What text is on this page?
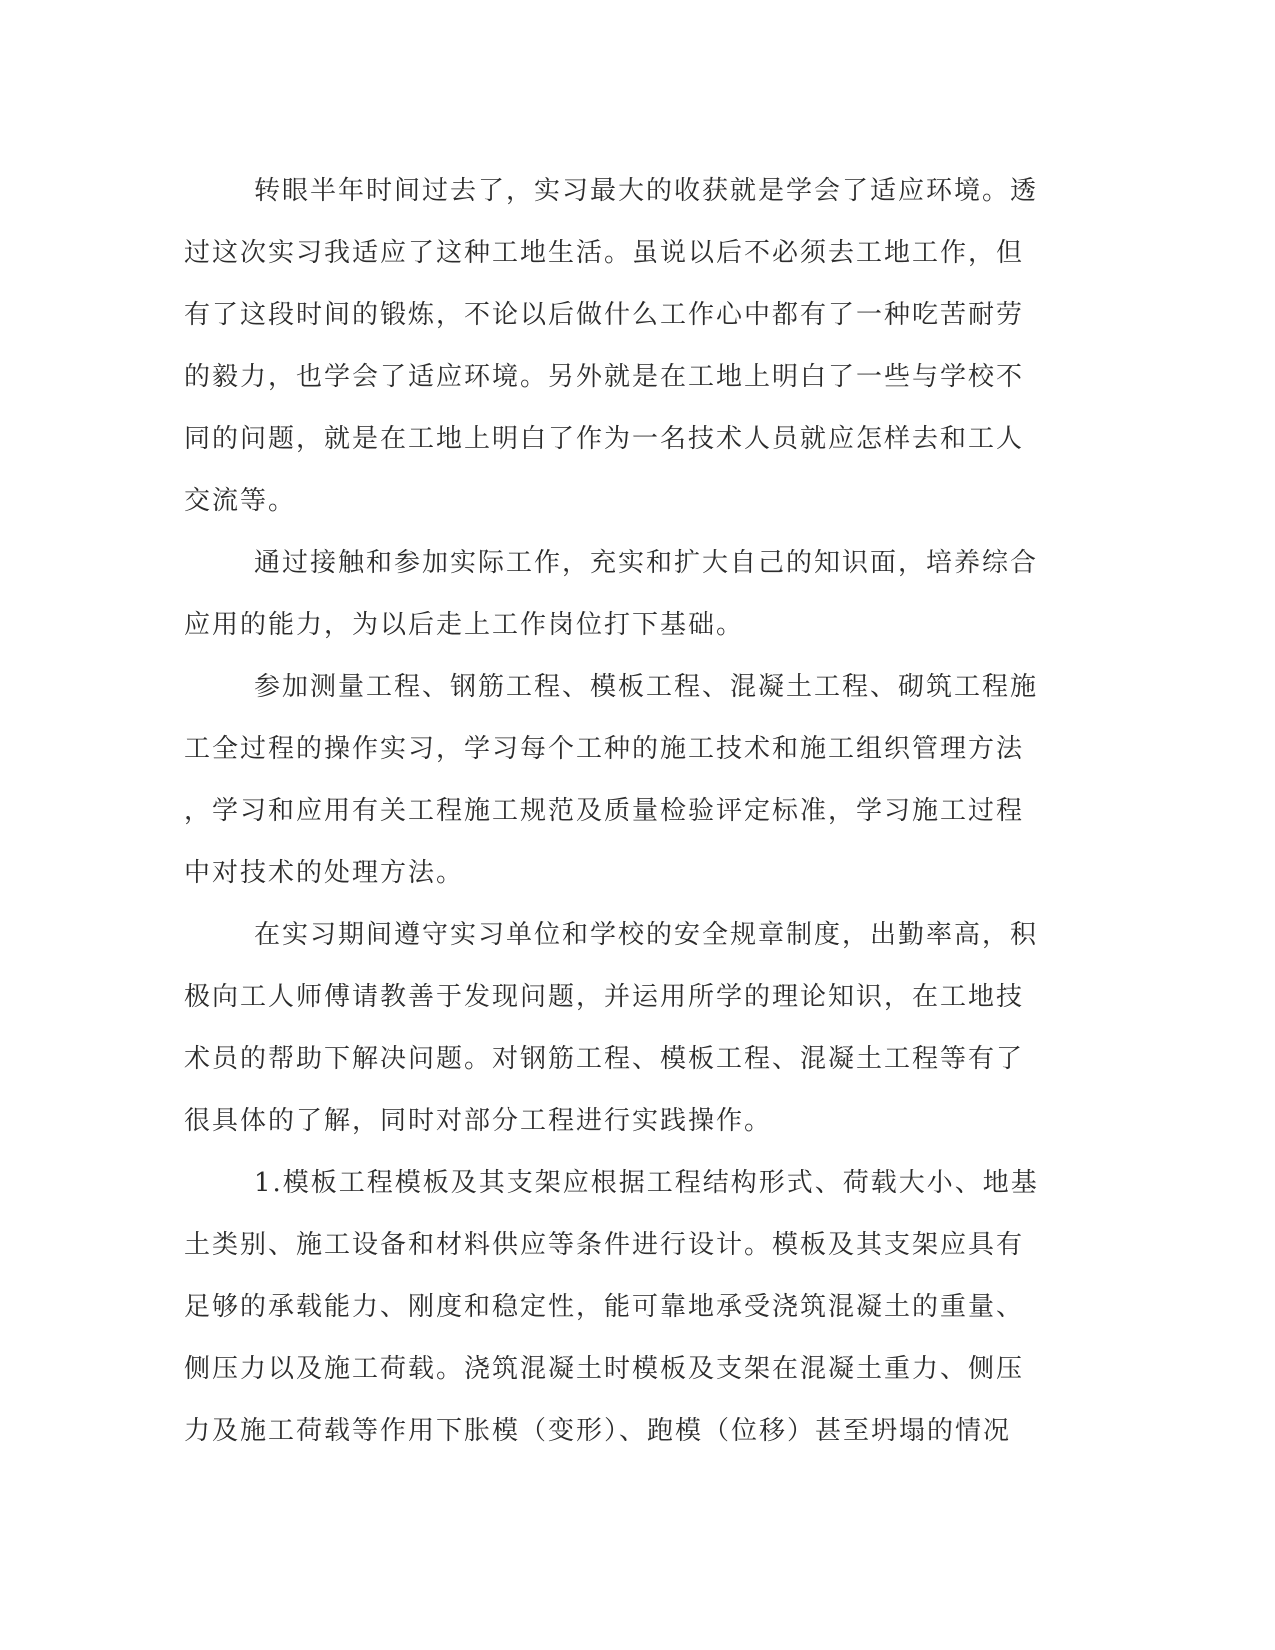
转眼半年时间过去了，实习最大的收获就是学会了适应环境。透
过这次实习我适应了这种工地生活。虽说以后不必须去工地工作，但
有了这段时间的锻炼，不论以后做什么工作心中都有了一种吃苦耐劳
的毅力，也学会了适应环境。另外就是在工地上明白了一些与学校不
同的问题，就是在工地上明白了作为一名技术人员就应怎样去和工人
交流等。

通过接触和参加实际工作，充实和扩大自己的知识面，培养综合
应用的能力，为以后走上工作岗位打下基础。

参加测量工程、钢筋工程、模板工程、混凝土工程、砌筑工程施
工全过程的操作实习，学习每个工种的施工技术和施工组织管理方法
，学习和应用有关工程施工规范及质量检验评定标准，学习施工过程
中对技术的处理方法。

在实习期间遵守实习单位和学校的安全规章制度，出勤率高，积
极向工人师傅请教善于发现问题，并运用所学的理论知识，在工地技
术员的帮助下解决问题。对钢筋工程、模板工程、混凝土工程等有了
很具体的了解，同时对部分工程进行实践操作。

1.模板工程模板及其支架应根据工程结构形式、荷载大小、地基
土类别、施工设备和材料供应等条件进行设计。模板及其支架应具有
足够的承载能力、刚度和稳定性，能可靠地承受浇筑混凝土的重量、
侧压力以及施工荷载。浇筑混凝土时模板及支架在混凝土重力、侧压
力及施工荷载等作用下胀模（变形）、跑模（位移）甚至坍塌的情况
